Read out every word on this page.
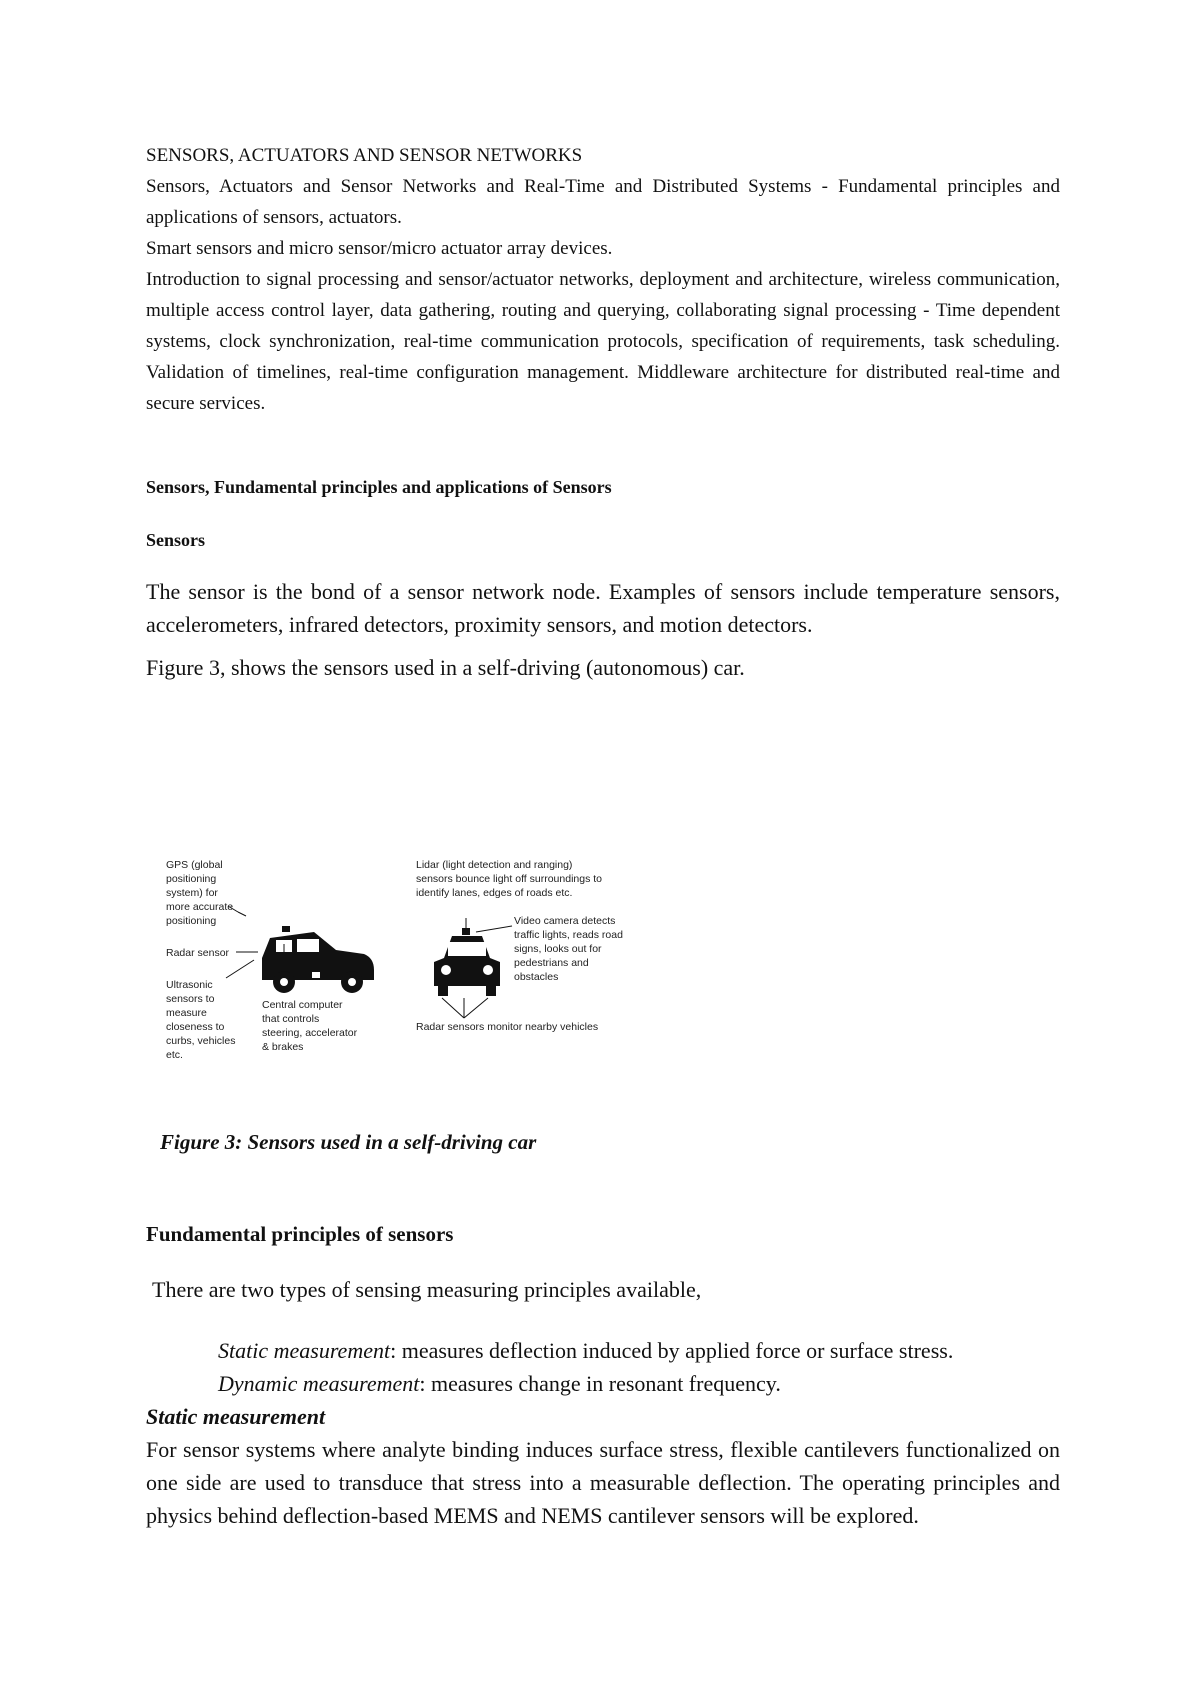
SENSORS, ACTUATORS AND SENSOR NETWORKS

Sensors, Actuators and Sensor Networks and Real-Time and Distributed Systems - Fundamental principles and applications of sensors, actuators.

Smart sensors and micro sensor/micro actuator array devices.

Introduction to signal processing and sensor/actuator networks, deployment and architecture, wireless communication, multiple access control layer, data gathering, routing and querying, collaborating signal processing - Time dependent systems, clock synchronization, real-time communication protocols, specification of requirements, task scheduling. Validation of timelines, real-time configuration management. Middleware architecture for distributed real-time and secure services.

Sensors, Fundamental principles and applications of Sensors

Sensors

The sensor is the bond of a sensor network node. Examples of sensors include temperature sensors, accelerometers, infrared detectors, proximity sensors, and motion detectors.

Figure 3, shows the sensors used in a self-driving (autonomous) car.

GPS (global positioning system) for more accurate positioning
Radar sensor
Ultrasonic sensors to measure closeness to curbs, vehicles etc.
Central computer that controls steering, accelerator & brakes
Lidar (light detection and ranging) sensors bounce light off surroundings to identify lanes, edges of roads etc.
Video camera detects traffic lights, reads road signs, looks out for pedestrians and obstacles
Radar sensors monitor nearby vehicles

Figure 3: Sensors used in a self-driving car

Fundamental principles of sensors

There are two types of sensing measuring principles available,

Static measurement: measures deflection induced by applied force or surface stress.

Dynamic measurement: measures change in resonant frequency.

Static measurement

For sensor systems where analyte binding induces surface stress, flexible cantilevers functionalized on one side are used to transduce that stress into a measurable deflection. The operating principles and physics behind deflection-based MEMS and NEMS cantilever sensors will be explored.
